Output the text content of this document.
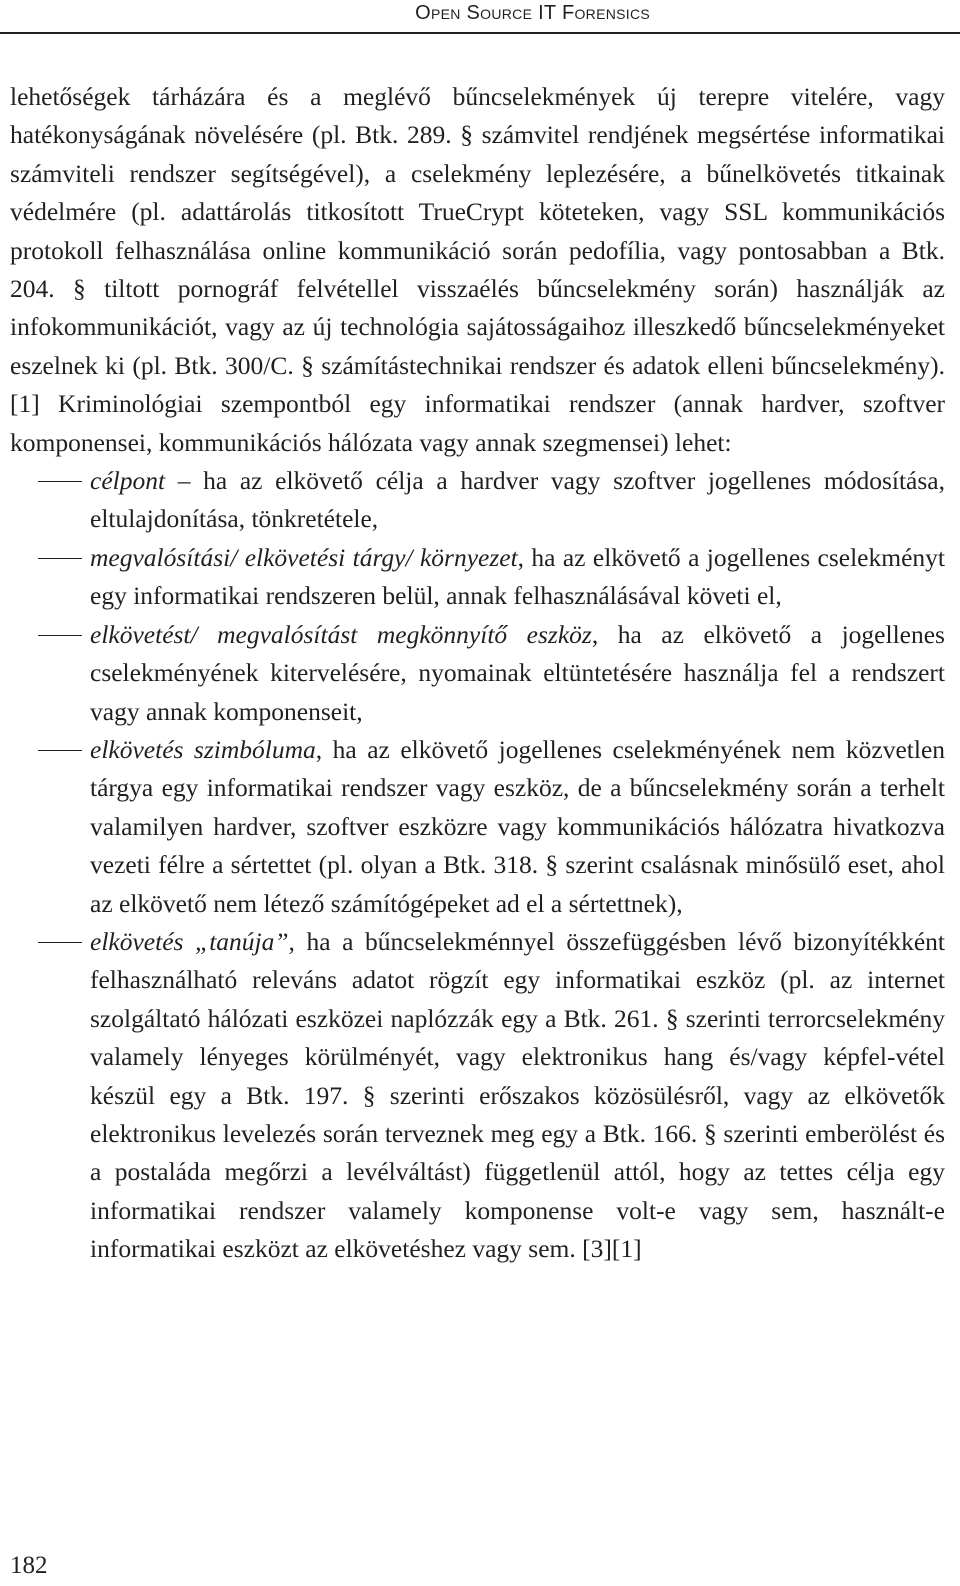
Open Source IT Forensics

lehetőségek tárházára és a meglévő bűncselekmények új terepre vitelére, vagy hatékonyságának növelésére (pl. Btk. 289. § számvitel rendjének megsértése informatikai számviteli rendszer segítségével), a cselekmény leplezésére, a bűnelkövetés titkainak védelmére (pl. adattárolás titkosított TrueCrypt köteteken, vagy SSL kommunikációs protokoll felhasználása online kommunikáció során pedofília, vagy pontosabban a Btk. 204. § tiltott pornográf felvétellel visszaélés bűncselekmény során) használják az infokommunikációt, vagy az új technológia sajátosságaihoz illeszkedő bűncselekményeket eszelnek ki (pl. Btk. 300/C. § számítástechnikai rendszer és adatok elleni bűncselekmény). [1] Kriminológiai szempontból egy informatikai rendszer (annak hardver, szoftver komponensei, kommunikációs hálózata vagy annak szegmensei) lehet:

célpont – ha az elkövető célja a hardver vagy szoftver jogellenes módosítása, eltulajdonítása, tönkretétele,
megvalósítási/ elkövetési tárgy/ környezet, ha az elkövető a jogellenes cselekményt egy informatikai rendszeren belül, annak felhasználásával követi el,
elkövetést/ megvalósítást megkönnyítő eszköz, ha az elkövető a jogellenes cselekményének kitervelésére, nyomainak eltüntetésére használja fel a rendszert vagy annak komponenseit,
elkövetés szimbóluma, ha az elkövető jogellenes cselekményének nem közvetlen tárgya egy informatikai rendszer vagy eszköz, de a bűncselekmény során a terhelt valamilyen hardver, szoftver eszközre vagy kommunikációs hálózatra hivatkozva vezeti félre a sértettet (pl. olyan a Btk. 318. § szerint csalásnak minősülő eset, ahol az elkövető nem létező számítógépeket ad el a sértettnek),
elkövetés „tanúja”, ha a bűncselekménnyel összefüggésben lévő bizonyítékként felhasználható releváns adatot rögzít egy informatikai eszköz (pl. az internet szolgáltató hálózati eszközei naplózzák egy a Btk. 261. § szerinti terrorcselekmény valamely lényeges körülményét, vagy elektronikus hang és/vagy képfel-vétel készül egy a Btk. 197. § szerinti erőszakos közösülésről, vagy az elkövetők elektronikus levelezés során terveznek meg egy a Btk. 166. § szerinti emberölést és a postaláda megőrzi a levélváltást) függetlenül attól, hogy az tettes célja egy informatikai rendszer valamely komponense volt-e vagy sem, használt-e informatikai eszközt az elkövetéshez vagy sem. [3][1]
182
